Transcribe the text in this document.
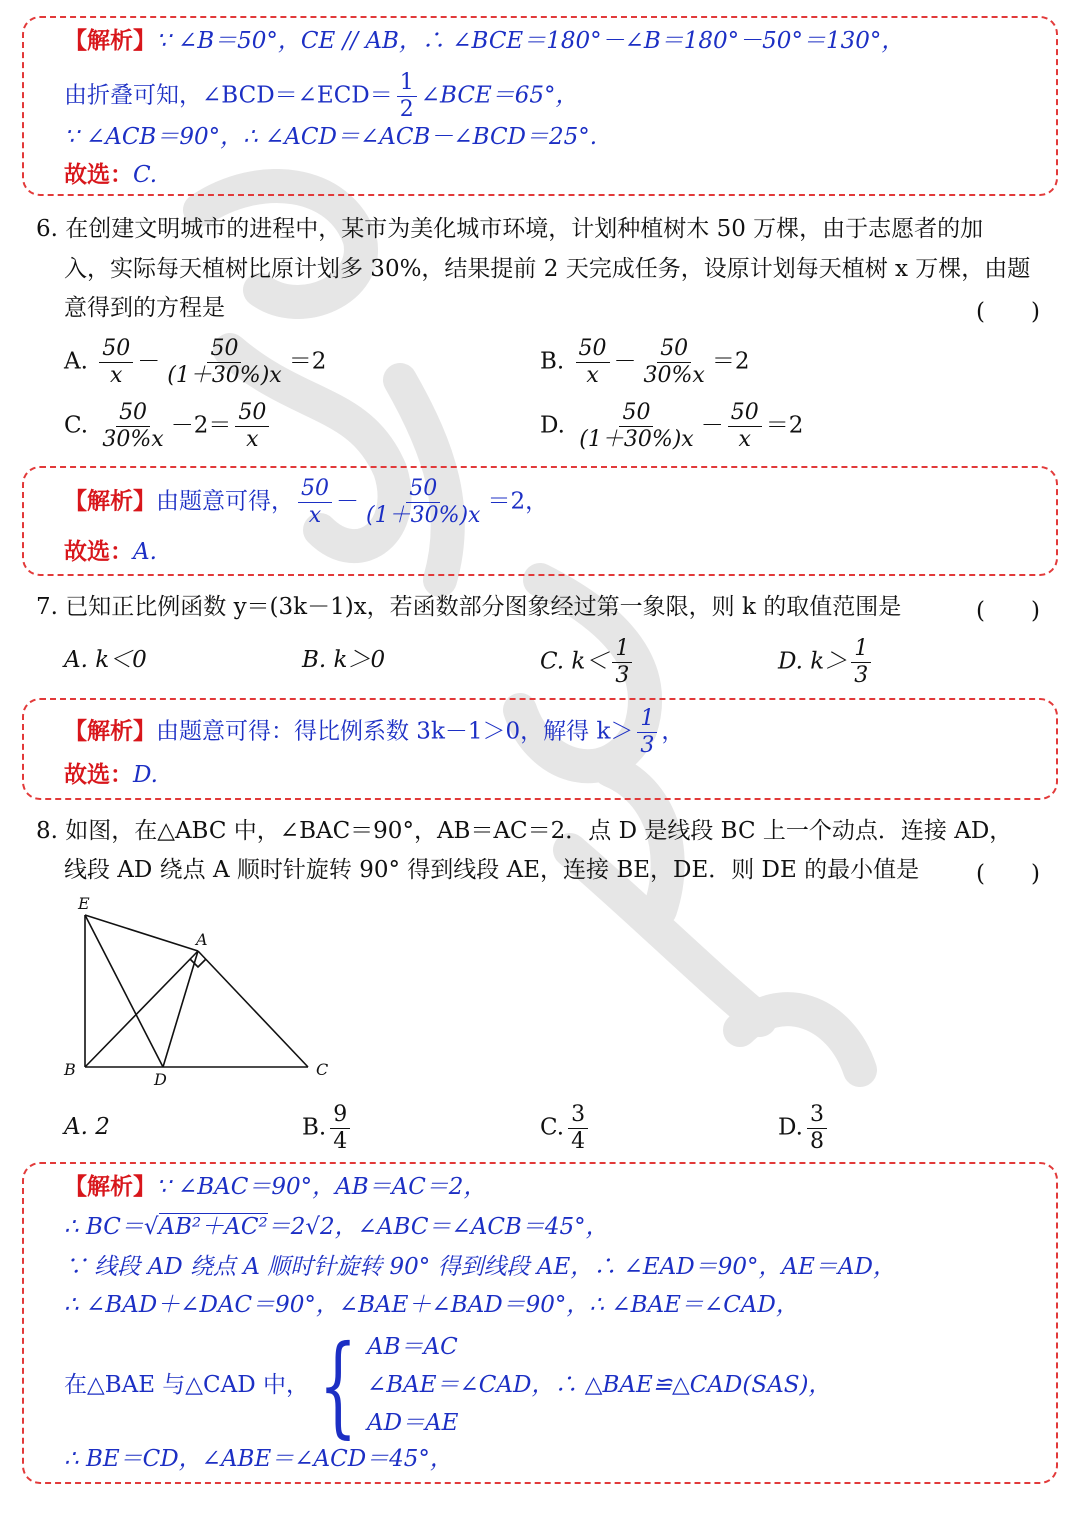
【解析】∵ ∠B＝50°，CE // AB，∴ ∠BCE＝180°－∠B＝180°－50°＝130°，
由折叠可知，∠BCD＝∠ECD＝ $\frac{1}{2}$ ∠BCE＝65°，
∵ ∠ACB＝90°，∴ ∠ACD＝∠ACB－∠BCD＝25°.
故选：C.
6. 在创建文明城市的进程中，某市为美化城市环境，计划种植树木 50 万棵，由于志愿者的加
入，实际每天植树比原计划多 30%，结果提前 2 天完成任务，设原计划每天植树 x 万棵，由题
意得到的方程是	(　　)
A. $\frac{50}{x} - \frac{50}{(1+30\%)x} =2$	B. $\frac{50}{x} - \frac{50}{30\%x} =2$
C. $\frac{50}{30\%x} -2= \frac{50}{x}$	D. $\frac{50}{(1+30\%)x} - \frac{50}{x} =2$
【解析】由题意可得， $\frac{50}{x} - \frac{50}{(1+30\%)x} =2$，
故选：A.
7. 已知正比例函数 y＝(3k－1)x，若函数部分图象经过第一象限，则 k 的取值范围是	(　　)
A. k＜0	B. k＞0	C. $k< \frac{1}{3}$	D. $k> \frac{1}{3}$
【解析】由题意可得：得比例系数 3k－1＞0，解得 $k> \frac{1}{3}$ ，
故选：D.
8. 如图，在△ABC 中，∠BAC＝90°，AB＝AC＝2．点 D 是线段 BC 上一个动点．连接 AD，
线段 AD 绕点 A 顺时针旋转 90° 得到线段 AE，连接 BE，DE．则 DE 的最小值是 (　　)
E
A
B
D
C
A. 2	B. $\frac{9}{4}$	C. $\frac{3}{4}$	D. $\frac{3}{8}$
【解析】∵ ∠BAC＝90°，AB＝AC＝2，
∴ BC＝√AB²＋AC²＝2√2，∠ABC＝∠ACB＝45°，
∵ 线段 AD 绕点 A 顺时针旋转 90° 得到线段 AE，∴ ∠EAD＝90°，AE＝AD，
∴ ∠BAD＋∠DAC＝90°，∠BAE＋∠BAD＝90°，∴ ∠BAE＝∠CAD，
在△BAE 与△CAD 中，{ AB＝AC
∠BAE＝∠CAD
AD＝AE
，∴ △BAE≌△CAD(SAS)，
∴ BE＝CD，∠ABE＝∠ACD＝45°，
